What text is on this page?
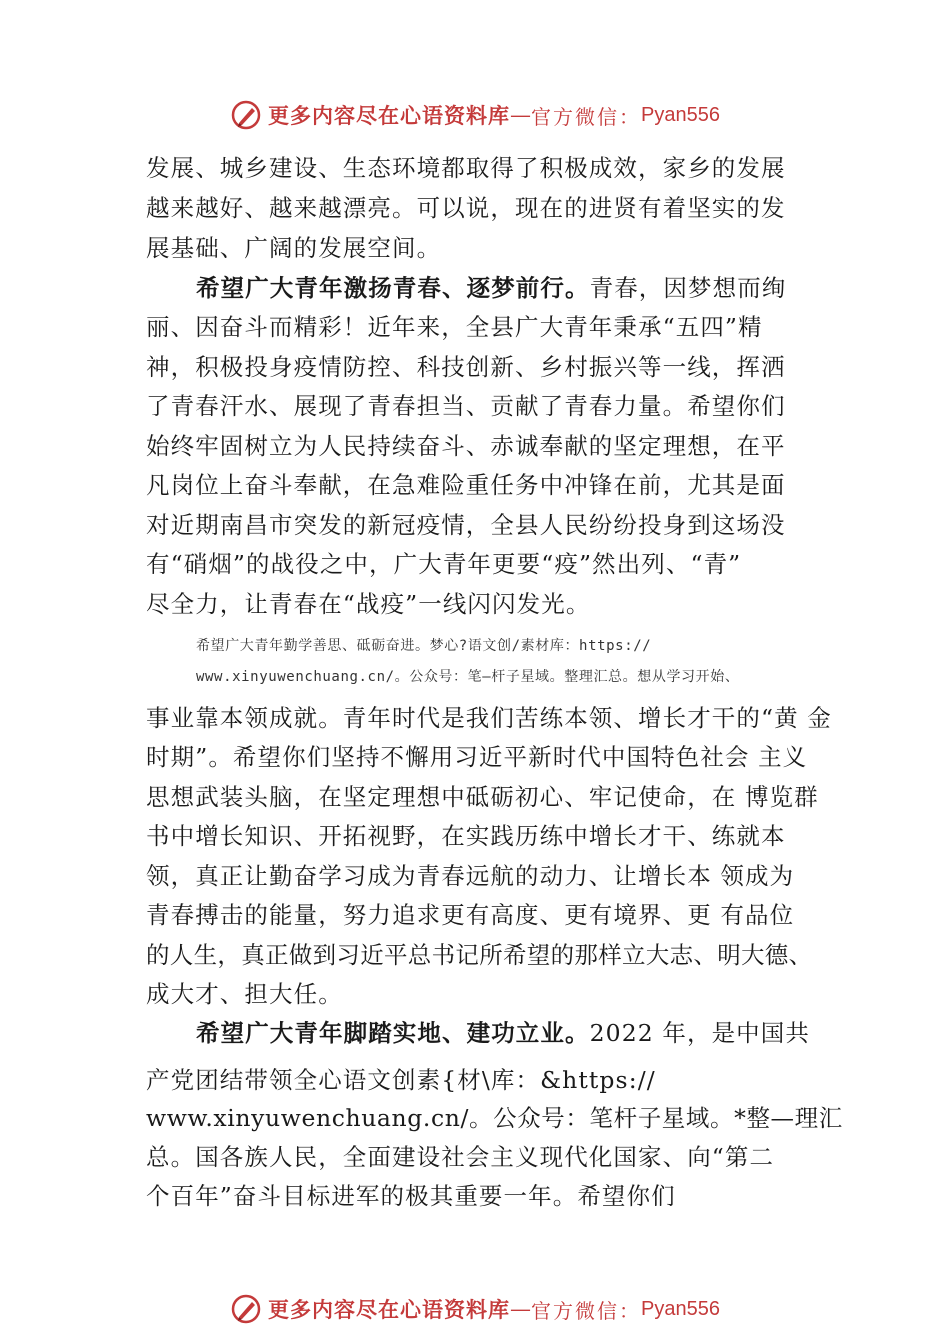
更多内容尽在心语资料库 — 官方微信： Pyan556
发展、城乡建设、生态环境都取得了积极成效，家乡的发展
越来越好、越来越漂亮。可以说，现在的进贤有着坚实的发
展基础、广阔的发展空间。
希望广大青年激扬青春、逐梦前行。青春，因梦想而绚
丽、因奋斗而精彩！近年来，全县广大青年秉承“五四”精
神，积极投身疫情防控、科技创新、乡村振兴等一线，挥洒
了青春汗水、展现了青春担当、贡献了青春力量。希望你们
始终牢固树立为人民持续奋斗、赤诚奉献的坚定理想，在平
凡岗位上奋斗奉献，在急难险重任务中冲锋在前，尤其是面
对近期南昌市突发的新冠疫情，全县人民纷纷投身到这场没
有“硝烟”的战役之中，广大青年更要“疫”然出列、“青”
尽全力，让青春在“战疫”一线闪闪发光。
希望广大青年勤学善思、砥砺奋进。梦心?语文创/素材库：https://
www.xinyuwenchuang.cn/。公众号：笔—杆子星域。整理汇总。想从学习开始、
事业靠本领成就。青年时代是我们苦练本领、增长才干的“黄 金
时期”。希望你们坚持不懈用习近平新时代中国特色社会 主义
思想武装头脑，在坚定理想中砥砺初心、牢记使命，在 博览群
书中增长知识、开拓视野，在实践历练中增长才干、练就本
领，真正让勤奋学习成为青春远航的动力、让增长本 领成为
青春搏击的能量，努力追求更有高度、更有境界、更 有品位
的人生，真正做到习近平总书记所希望的那样立大志、明大德、
成大才、担大任。
希望广大青年脚踏实地、建功立业。2022 年，是中国共
产党团结带领全心语文创素{材\库：&https://
www.xinyuwenchuang.cn/。公众号：笔杆子星域。*整—理汇
总。国各族人民，全面建设社会主义现代化国家、向“第二
个百年”奋斗目标进军的极其重要一年。希望你们
更多内容尽在心语资料库 — 官方微信： Pyan556
